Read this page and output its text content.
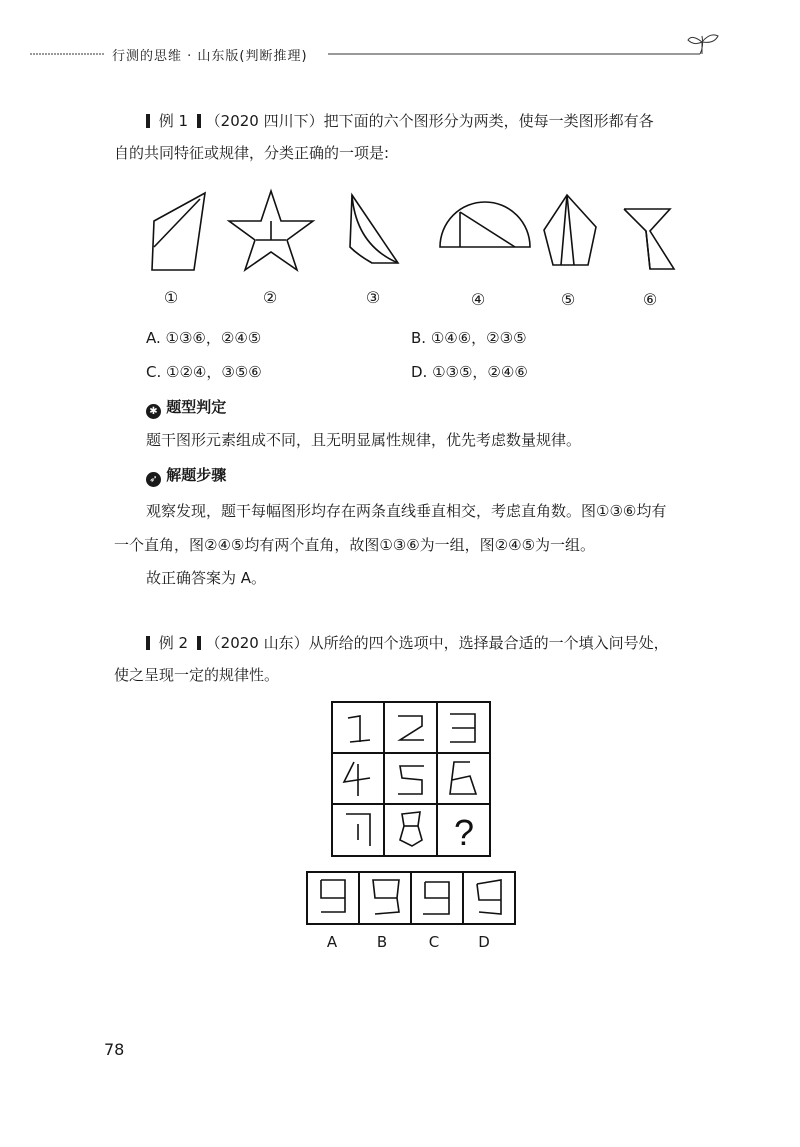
行测的思维 · 山东版(判断推理)
例 1 （2020 四川下）把下面的六个图形分为两类，使每一类图形都有各
自的共同特征或规律，分类正确的一项是:
①	②	③	④	⑤	⑥
A. ①③⑥，②④⑤	B. ①④⑥，②③⑤
C. ①②④，③⑤⑥	D. ①③⑤，②④⑥
✱ 题型判定
题干图形元素组成不同，且无明显属性规律，优先考虑数量规律。
➶ 解题步骤
观察发现，题干每幅图形均存在两条直线垂直相交，考虑直角数。图①③⑥均有
一个直角，图②④⑤均有两个直角，故图①③⑥为一组，图②④⑤为一组。
故正确答案为 A。
例 2 （2020 山东）从所给的四个选项中，选择最合适的一个填入问号处，
使之呈现一定的规律性。
?
A	B	C	D
78
